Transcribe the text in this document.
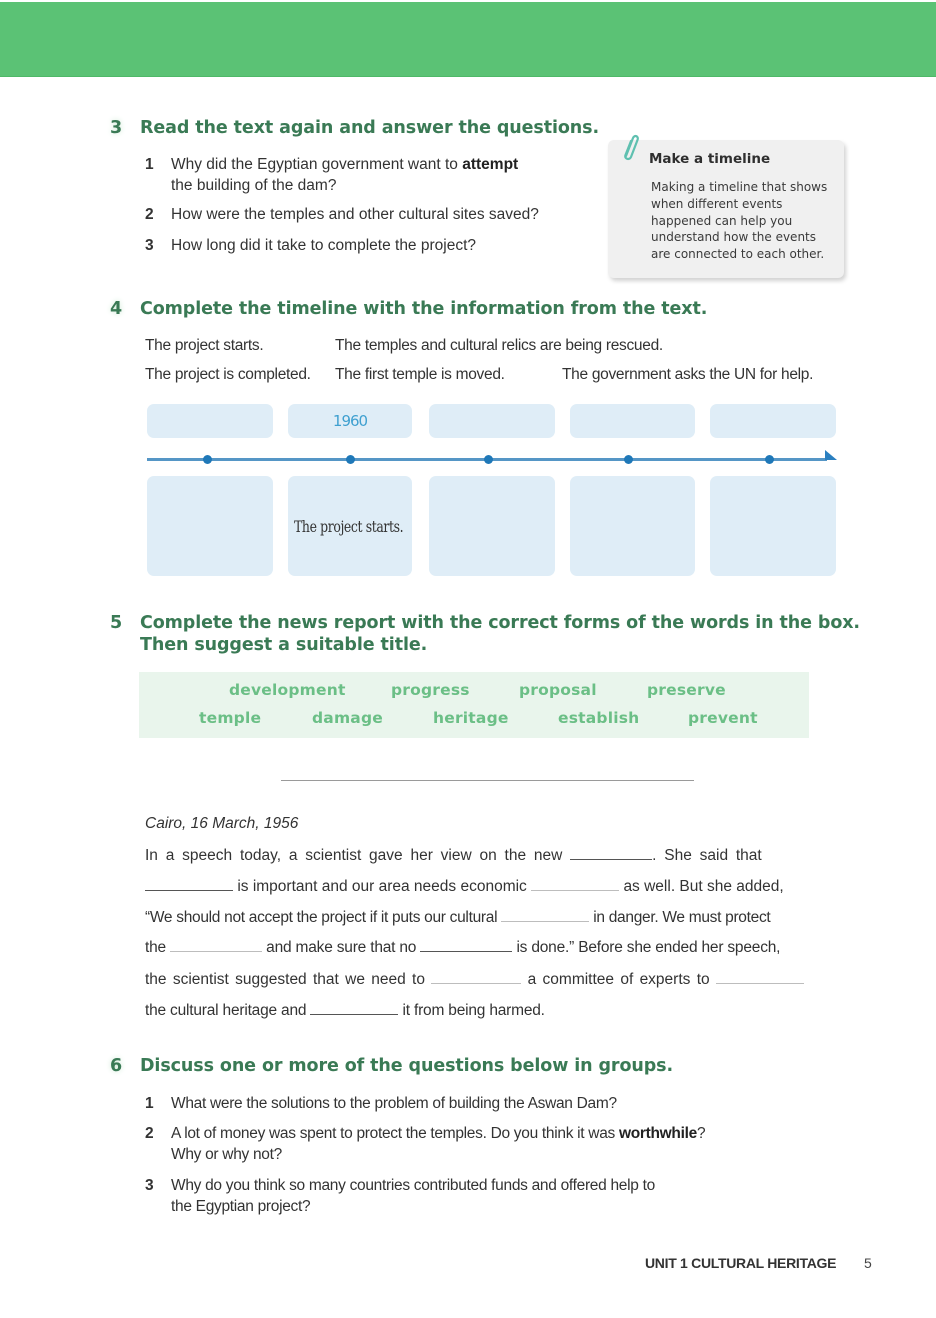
3 Read the text again and answer the questions.
1 Why did the Egyptian government want to attempt
the building of the dam?
2 How were the temples and other cultural sites saved?
3 How long did it take to complete the project?
Make a timeline
Making a timeline that shows when different events happened can help you understand how the events are connected to each other.
4 Complete the timeline with the information from the text.
The project starts.	The temples and cultural relics are being rescued.
The project is completed. The first temple is moved.	The government asks the UN for help.
1960
The project starts.
5 Complete the news report with the correct forms of the words in the box.
Then suggest a suitable title.
development	progress	proposal	preserve
temple	damage	heritage	establish	prevent
Cairo, 16 March, 1956
In a speech today, a scientist gave her view on the new	. She said that
is important and our area needs economic	as well. But she added,
“We should not accept the project if it puts our cultural	in danger. We must protect
the	and make sure that no	is done.” Before she ended her speech,
the scientist suggested that we need to	a committee of experts to
the cultural heritage and	it from being harmed.
6 Discuss one or more of the questions below in groups.
1 What were the solutions to the problem of building the Aswan Dam?
2 A lot of money was spent to protect the temples. Do you think it was worthwhile?
Why or why not?
3 Why do you think so many countries contributed funds and offered help to
the Egyptian project?
UNIT 1 CULTURAL HERITAGE 5
